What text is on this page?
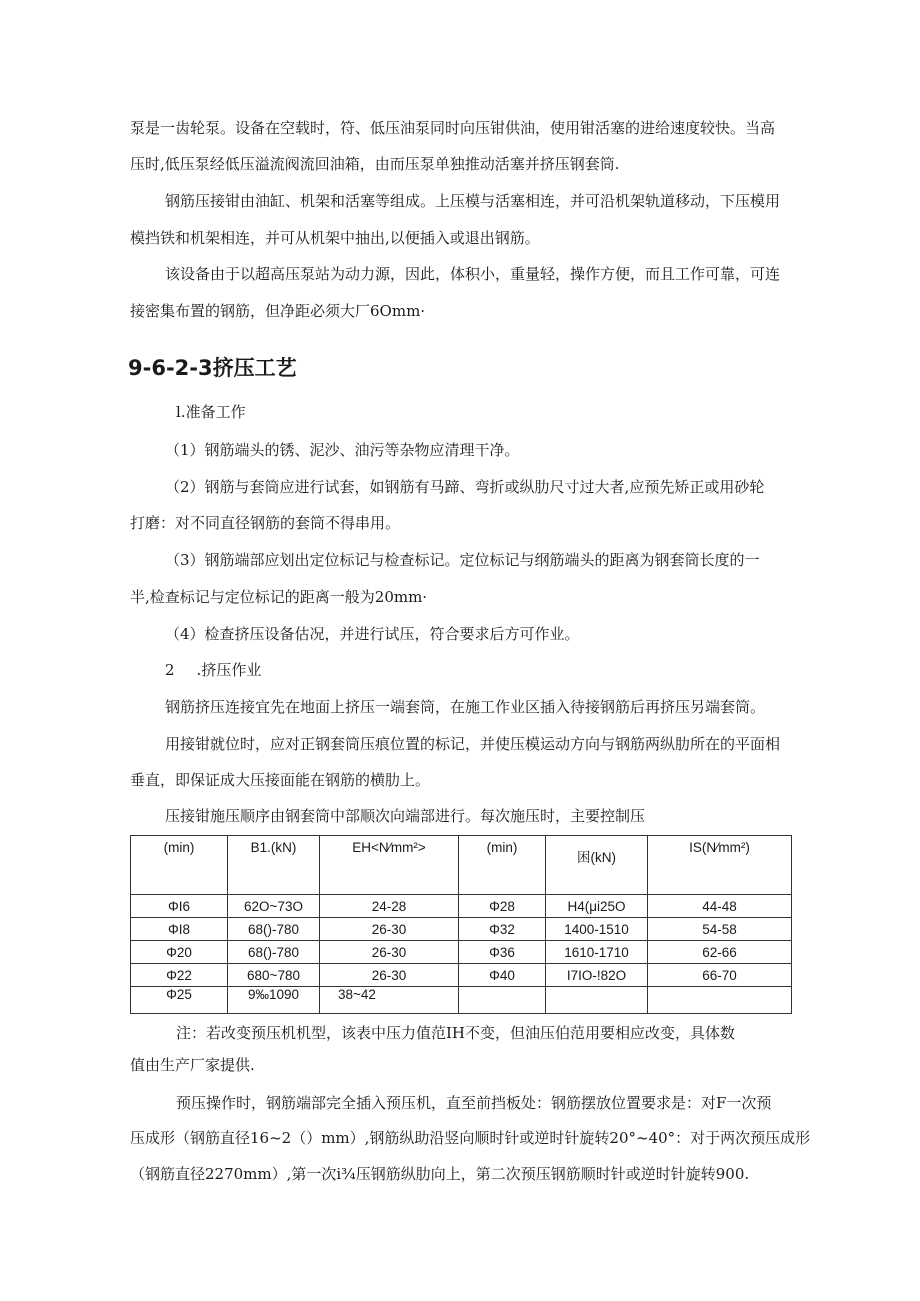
泵是一齿轮泵。设备在空载时，符、低压油泵同时向压钳供油，使用钳活塞的进给速度较快。当高
压时,低压泵经低压溢流阀流回油箱，由而压泵单独推动活塞并挤压钢套筒.
钢筋压接钳由油缸、机架和活塞等组成。上压模与活塞相连，并可沿机架轨道移动，下压模用
模挡铁和机架相连，并可从机架中抽出,以便插入或退出钢筋。
该设备由于以超高压泵站为动力源，因此，体积小，重量轻，操作方便，而且工作可靠，可连
接密集布置的钢筋，但净距必须大厂6Omm·
9-6-2-3挤压工艺
l.准备工作
（1）钢筋端头的锈、泥沙、油污等杂物应清理干净。
（2）钢筋与套筒应进行试套，如钢筋有马蹄、弯折或纵肋尺寸过大者,应预先矫正或用砂轮
打磨：对不同直径钢筋的套筒不得串用。
（3）钢筋端部应划出定位标记与检查标记。定位标记与纲筋端头的距离为钢套筒长度的一
半,检查标记与定位标记的距离一般为20mm·
（4）检查挤压设备估况，并进行试压，符合要求后方可作业。
2 .挤压作业
钢筋挤压连接宜先在地面上挤压一端套筒，在施工作业区插入待接钢筋后再挤压另端套筒。
用接钳就位时，应对正钢套筒压痕位置的标记，并使压模运动方向与钢筋两纵肋所在的平面相
垂直，即保证成大压接面能在钢筋的横肋上。
压接钳施压顺序由钢套筒中部顺次向端部进行。每次施压时，主要控制压
(min)	B1.(kN)	EH<N⁄mm²>	(min)	困(kN)	IS(N⁄mm²)
ΦI6	62O~73O	24-28	Φ28	H4(μi25O	44-48
ΦI8	68()-780	26-30	Φ32	1400-1510	54-58
Φ20	68()-780	26-30	Φ36	1610-1710	62-66
Φ22	680~780	26-30	Φ40	I7IO-!82O	66-70
Φ25	9‰1090	38~42			
注：若改变预压机机型，该表中压力值范IH不变，但油压伯范用要相应改变，具体数
值由生产厂家提供.
预压操作时，钢筋端部完全插入预压机，直至前挡板处：钢筋摆放位置要求是：对F一次预
压成形（钢筋直径16~2（）mm）,钢筋纵助沿竖向顺时针或逆时针旋转20°~40°：对于两次预压成形
（钢筋直径2270mm）,第一次i¾压钢筋纵肋向上，第二次预压钢筋顺时针或逆时针旋转900.
